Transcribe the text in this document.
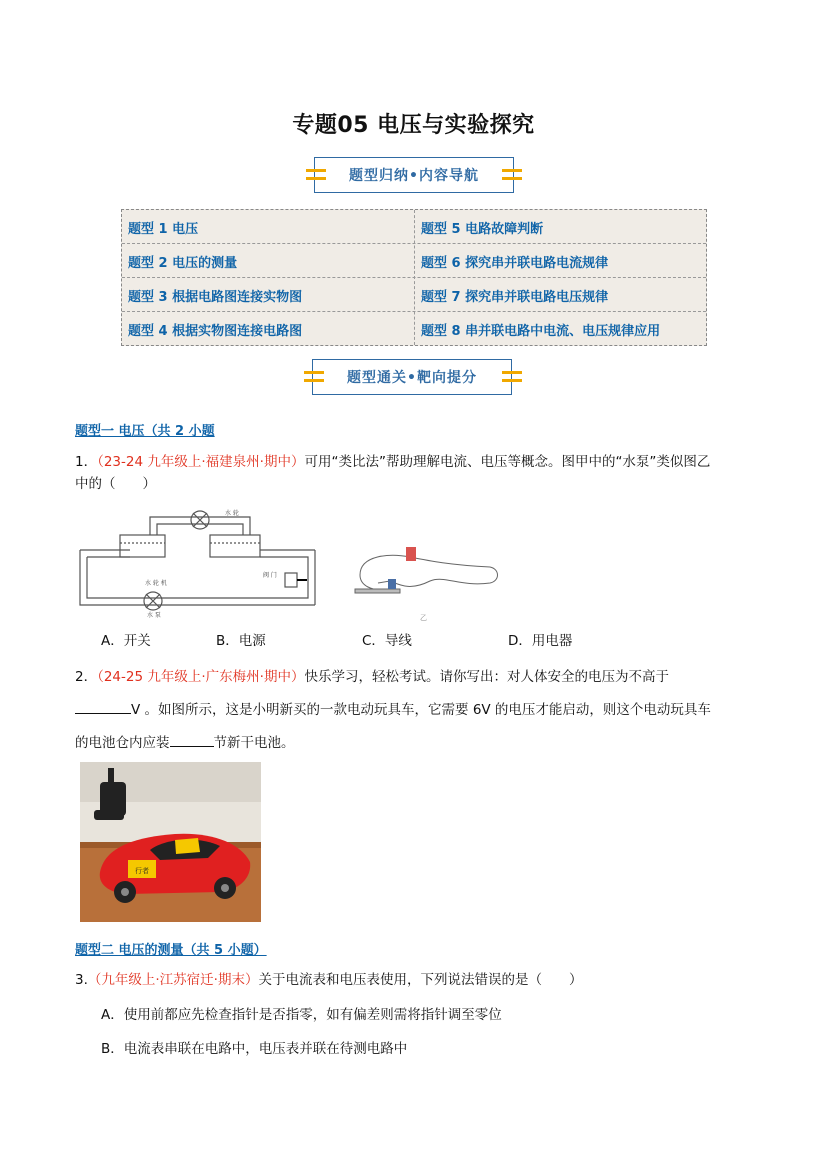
专题05 电压与实验探究
题型归纳•内容导航
题型 1 电压	题型 5 电路故障判断
题型 2 电压的测量	题型 6 探究串并联电路电流规律
题型 3 根据电路图连接实物图	题型 7 探究串并联电路电压规律
题型 4 根据实物图连接电路图	题型 8 串并联电路中电流、电压规律应用
题型通关•靶向提分
题型一 电压（共 2 小题
1．（23-24 九年级上·福建泉州·期中）可用“类比法”帮助理解电流、电压等概念。图甲中的“水泵”类似图乙
中的（　　）
水 轮
阀 门
水 轮 机
水 泵	乙
A．开关	B．电源	C．导线	D．用电器
2．（24-25 九年级上·广东梅州·期中）快乐学习，轻松考试。请你写出：对人体安全的电压为不高于
V 。如图所示，这是小明新买的一款电动玩具车，它需要 6V 的电压才能启动，则这个电动玩具车
的电池仓内应装	节新干电池。
行者
题型二 电压的测量（共 5 小题）
3.（九年级上·江苏宿迁·期末）关于电流表和电压表使用，下列说法错误的是（　　）
A．使用前都应先检查指针是否指零，如有偏差则需将指针调至零位
B．电流表串联在电路中，电压表并联在待测电路中
